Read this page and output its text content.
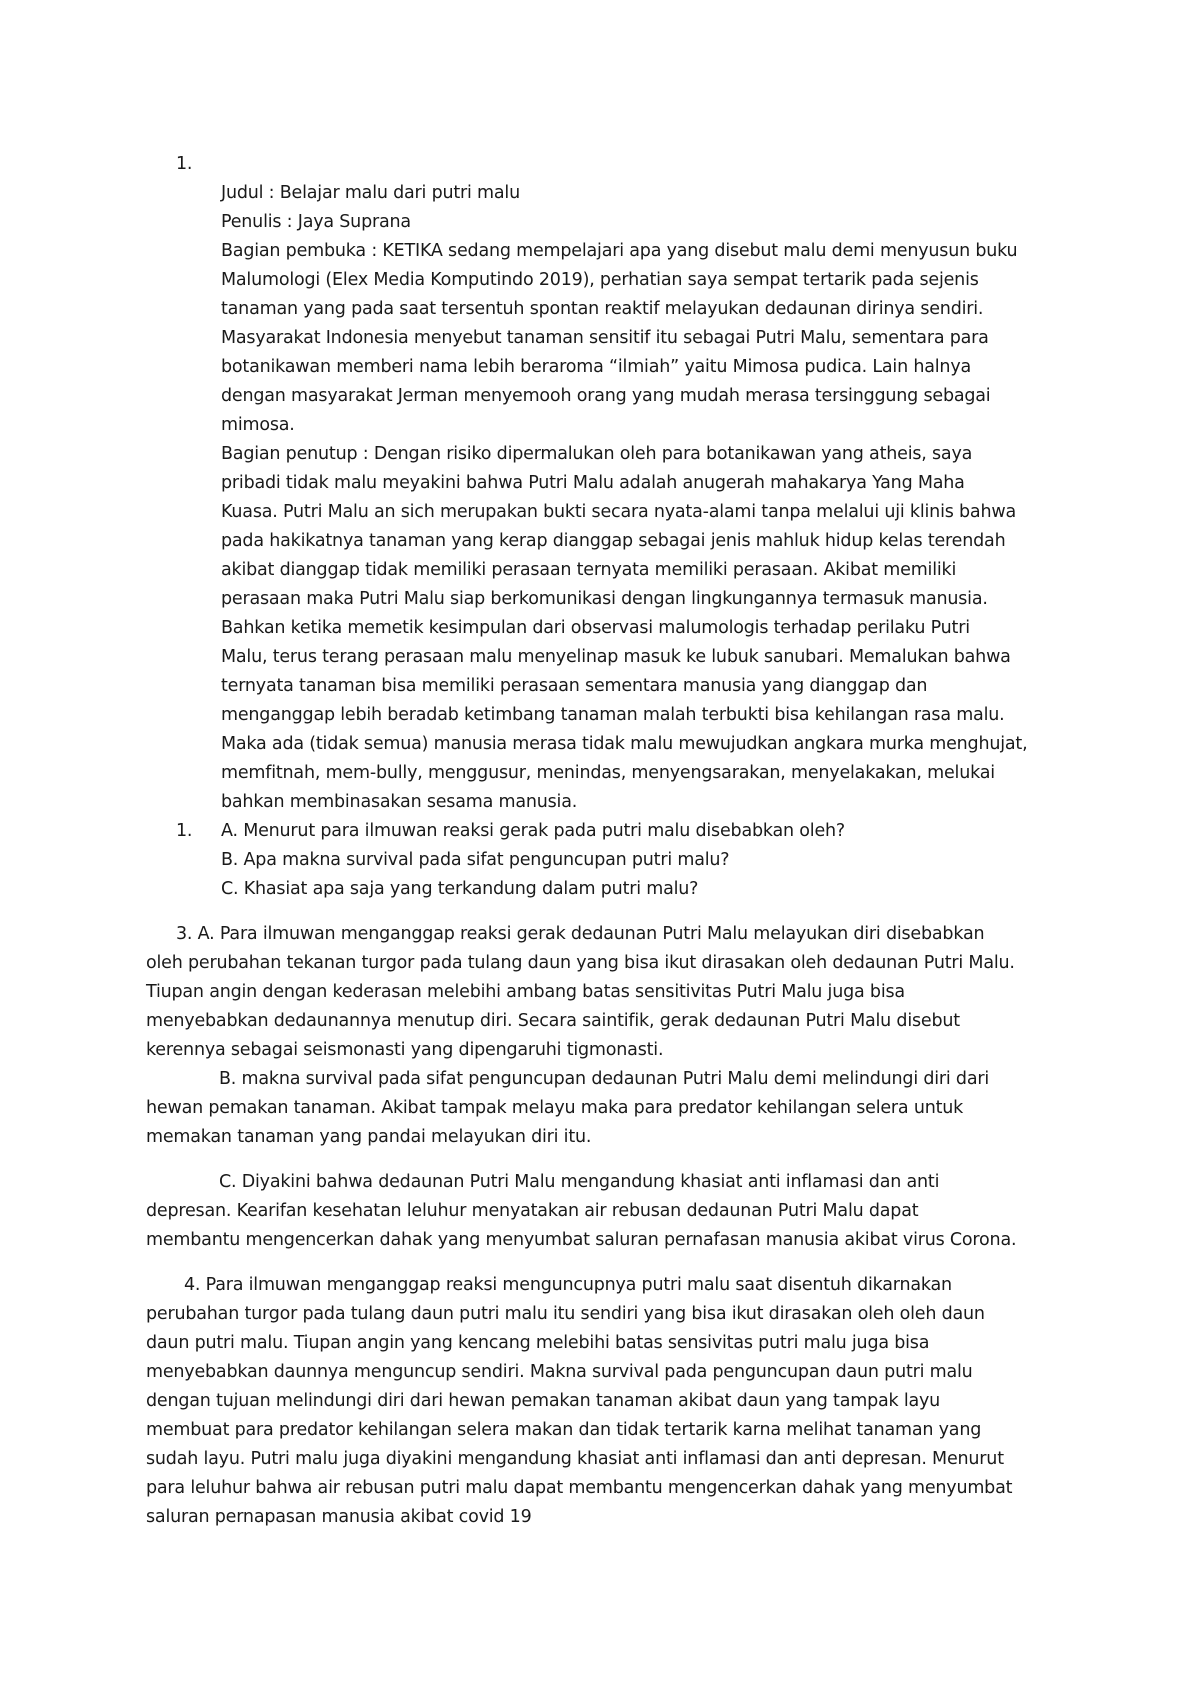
1.
Judul : Belajar malu dari putri malu
Penulis : Jaya Suprana
Bagian pembuka : KETIKA sedang mempelajari apa yang disebut malu demi menyusun buku
Malumologi (Elex Media Komputindo 2019), perhatian saya sempat tertarik pada sejenis
tanaman yang pada saat tersentuh spontan reaktif melayukan dedaunan dirinya sendiri.
Masyarakat Indonesia menyebut tanaman sensitif itu sebagai Putri Malu, sementara para
botanikawan memberi nama lebih beraroma “ilmiah” yaitu Mimosa pudica. Lain halnya
dengan masyarakat Jerman menyemooh orang yang mudah merasa tersinggung sebagai
mimosa.
Bagian penutup : Dengan risiko dipermalukan oleh para botanikawan yang atheis, saya
pribadi tidak malu meyakini bahwa Putri Malu adalah anugerah mahakarya Yang Maha
Kuasa. Putri Malu an sich merupakan bukti secara nyata-alami tanpa melalui uji klinis bahwa
pada hakikatnya tanaman yang kerap dianggap sebagai jenis mahluk hidup kelas terendah
akibat dianggap tidak memiliki perasaan ternyata memiliki perasaan. Akibat memiliki
perasaan maka Putri Malu siap berkomunikasi dengan lingkungannya termasuk manusia.
Bahkan ketika memetik kesimpulan dari observasi malumologis terhadap perilaku Putri
Malu, terus terang perasaan malu menyelinap masuk ke lubuk sanubari. Memalukan bahwa
ternyata tanaman bisa memiliki perasaan sementara manusia yang dianggap dan
menganggap lebih beradab ketimbang tanaman malah terbukti bisa kehilangan rasa malu.
Maka ada (tidak semua) manusia merasa tidak malu mewujudkan angkara murka menghujat,
memfitnah, mem-bully, menggusur, menindas, menyengsarakan, menyelakakan, melukai
bahkan membinasakan sesama manusia.
1. A. Menurut para ilmuwan reaksi gerak pada putri malu disebabkan oleh?
B. Apa makna survival pada sifat penguncupan putri malu?
C. Khasiat apa saja yang terkandung dalam putri malu?
3. A. Para ilmuwan menganggap reaksi gerak dedaunan Putri Malu melayukan diri disebabkan
oleh perubahan tekanan turgor pada tulang daun yang bisa ikut dirasakan oleh dedaunan Putri Malu.
Tiupan angin dengan kederasan melebihi ambang batas sensitivitas Putri Malu juga bisa
menyebabkan dedaunannya menutup diri. Secara saintifik, gerak dedaunan Putri Malu disebut
kerennya sebagai seismonasti yang dipengaruhi tigmonasti.
B. makna survival pada sifat penguncupan dedaunan Putri Malu demi melindungi diri dari
hewan pemakan tanaman. Akibat tampak melayu maka para predator kehilangan selera untuk
memakan tanaman yang pandai melayukan diri itu.
C. Diyakini bahwa dedaunan Putri Malu mengandung khasiat anti inflamasi dan anti
depresan. Kearifan kesehatan leluhur menyatakan air rebusan dedaunan Putri Malu dapat
membantu mengencerkan dahak yang menyumbat saluran pernafasan manusia akibat virus Corona.
4. Para ilmuwan menganggap reaksi menguncupnya putri malu saat disentuh dikarnakan
perubahan turgor pada tulang daun putri malu itu sendiri yang bisa ikut dirasakan oleh oleh daun
daun putri malu. Tiupan angin yang kencang melebihi batas sensivitas putri malu juga bisa
menyebabkan daunnya menguncup sendiri. Makna survival pada penguncupan daun putri malu
dengan tujuan melindungi diri dari hewan pemakan tanaman akibat daun yang tampak layu
membuat para predator kehilangan selera makan dan tidak tertarik karna melihat tanaman yang
sudah layu. Putri malu juga diyakini mengandung khasiat anti inflamasi dan anti depresan. Menurut
para leluhur bahwa air rebusan putri malu dapat membantu mengencerkan dahak yang menyumbat
saluran pernapasan manusia akibat covid 19
